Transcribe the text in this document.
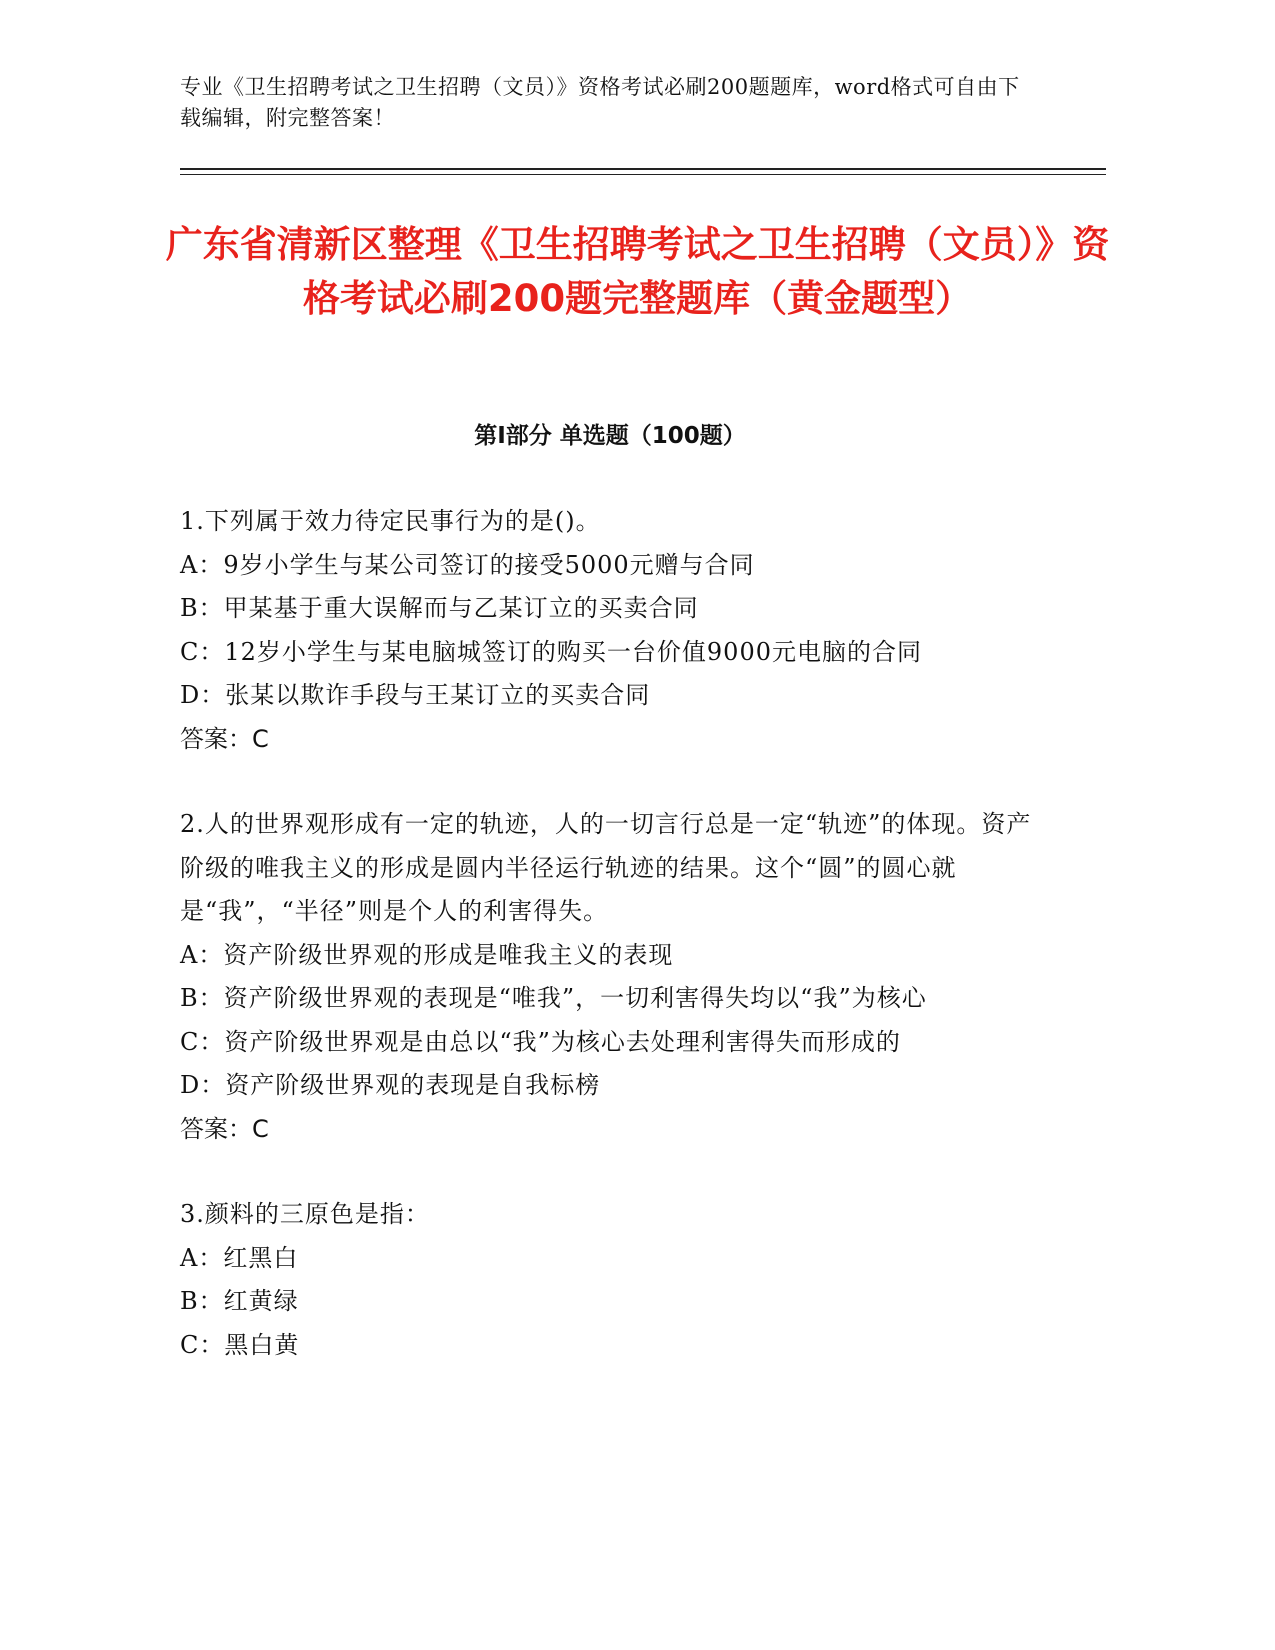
专业《卫生招聘考试之卫生招聘（文员）》资格考试必刷200题题库，word格式可自由下载编辑，附完整答案！
广东省清新区整理《卫生招聘考试之卫生招聘（文员）》资格考试必刷200题完整题库（黄金题型）
第I部分 单选题（100题）
1.下列属于效力待定民事行为的是()。
A：9岁小学生与某公司签订的接受5000元赠与合同
B：甲某基于重大误解而与乙某订立的买卖合同
C：12岁小学生与某电脑城签订的购买一台价值9000元电脑的合同
D：张某以欺诈手段与王某订立的买卖合同
答案：C
2.人的世界观形成有一定的轨迹，人的一切言行总是一定“轨迹”的体现。资产阶级的唯我主义的形成是圆内半径运行轨迹的结果。这个“圆”的圆心就是“我”，“半径”则是个人的利害得失。
A：资产阶级世界观的形成是唯我主义的表现
B：资产阶级世界观的表现是“唯我”，一切利害得失均以“我”为核心
C：资产阶级世界观是由总以“我”为核心去处理利害得失而形成的
D：资产阶级世界观的表现是自我标榜
答案：C
3.颜料的三原色是指：
A：红黑白
B：红黄绿
C：黑白黄
